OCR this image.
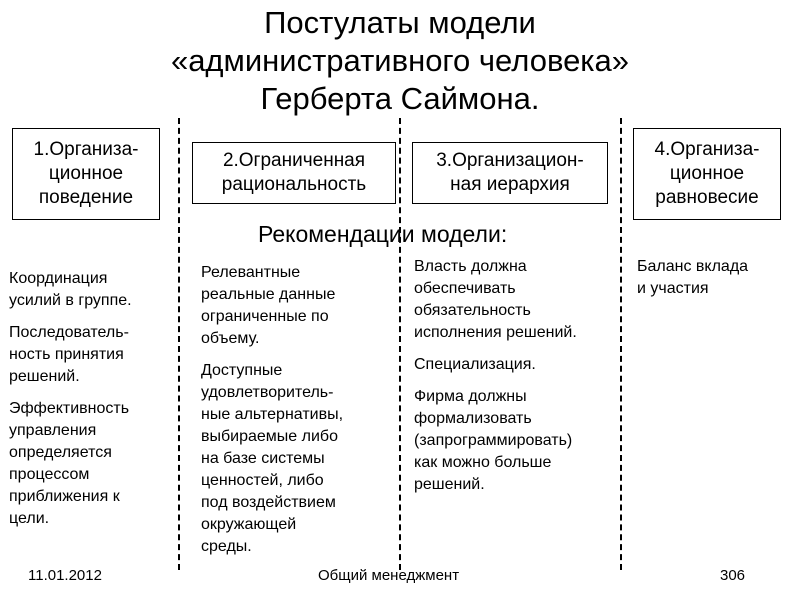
Постулаты модели
«административного человека»
Герберта Саймона.
1.Организа-
ционное
поведение
2.Ограниченная
рациональность
3.Организацион-
ная иерархия
4.Организа-
ционное
равновесие
Рекомендации модели:

Координация
усилий в группе.

Последователь-
ность принятия
решений.

Эффективность
управления
определяется
процессом
приближения к
цели.

Релевантные
реальные данные
ограниченные по
объему.

Доступные
удовлетворитель-
ные альтернативы,
выбираемые либо
на базе системы
ценностей, либо
под воздействием
окружающей
среды.

Власть должна
обеспечивать
обязательность
исполнения решений.

Специализация.

Фирма должны
формализовать
(запрограммировать)
как можно больше
решений.

Баланс вклада
и участия

11.01.2012	Общий менеджмент	306
